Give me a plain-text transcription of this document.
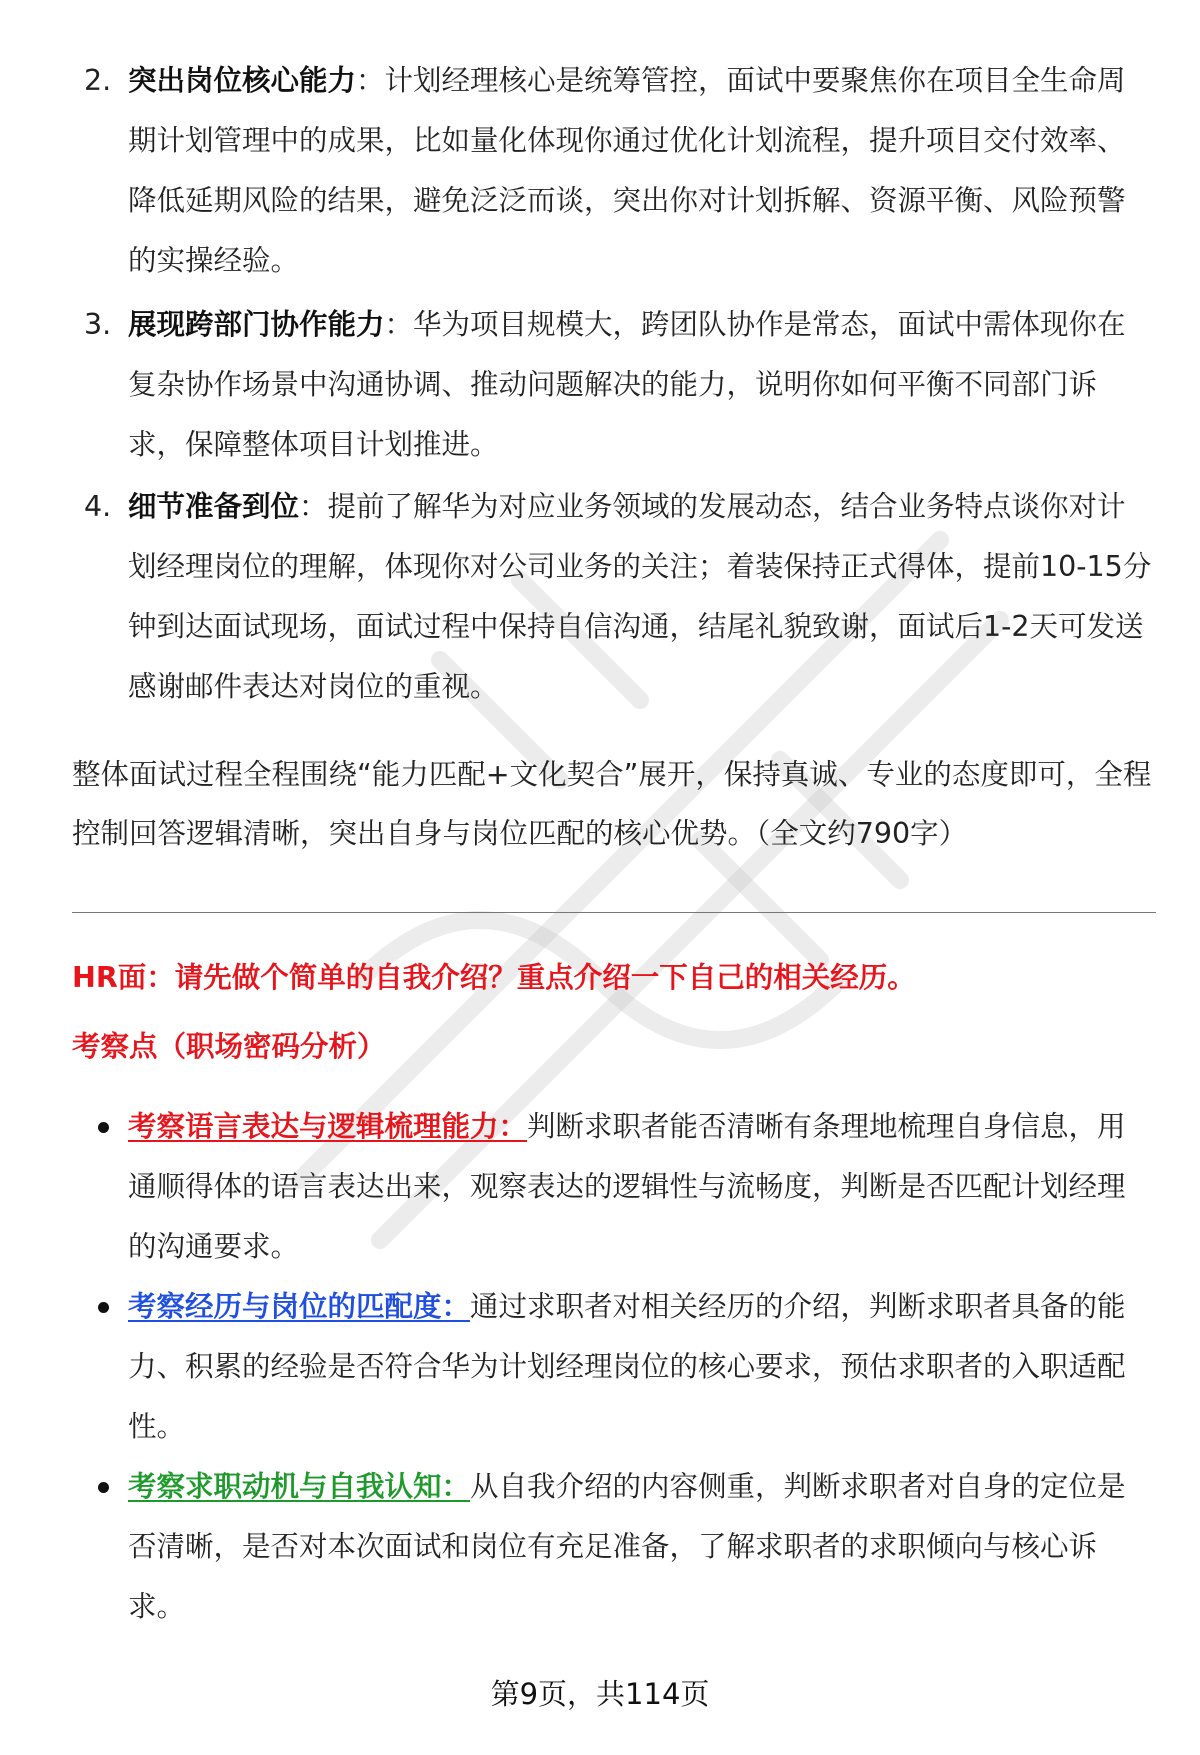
2. 突出岗位核心能力：计划经理核心是统筹管控，面试中要聚焦你在项目全生命周期计划管理中的成果，比如量化体现你通过优化计划流程，提升项目交付效率、降低延期风险的结果，避免泛泛而谈，突出你对计划拆解、资源平衡、风险预警的实操经验。
3. 展现跨部门协作能力：华为项目规模大，跨团队协作是常态，面试中需体现你在复杂协作场景中沟通协调、推动问题解决的能力，说明你如何平衡不同部门诉求，保障整体项目计划推进。
4. 细节准备到位：提前了解华为对应业务领域的发展动态，结合业务特点谈你对计划经理岗位的理解，体现你对公司业务的关注；着装保持正式得体，提前10-15分钟到达面试现场，面试过程中保持自信沟通，结尾礼貌致谢，面试后1-2天可发送感谢邮件表达对岗位的重视。

整体面试过程全程围绕“能力匹配+文化契合”展开，保持真诚、专业的态度即可，全程控制回答逻辑清晰，突出自身与岗位匹配的核心优势。（全文约790字）

HR面：请先做个简单的自我介绍？重点介绍一下自己的相关经历。
考察点（职场密码分析）
考察语言表达与逻辑梳理能力：判断求职者能否清晰有条理地梳理自身信息，用通顺得体的语言表达出来，观察表达的逻辑性与流畅度，判断是否匹配计划经理的沟通要求。
考察经历与岗位的匹配度：通过求职者对相关经历的介绍，判断求职者具备的能力、积累的经验是否符合华为计划经理岗位的核心要求，预估求职者的入职适配性。
考察求职动机与自我认知：从自我介绍的内容侧重，判断求职者对自身的定位是否清晰，是否对本次面试和岗位有充足准备，了解求职者的求职倾向与核心诉求。
第9页，共114页
